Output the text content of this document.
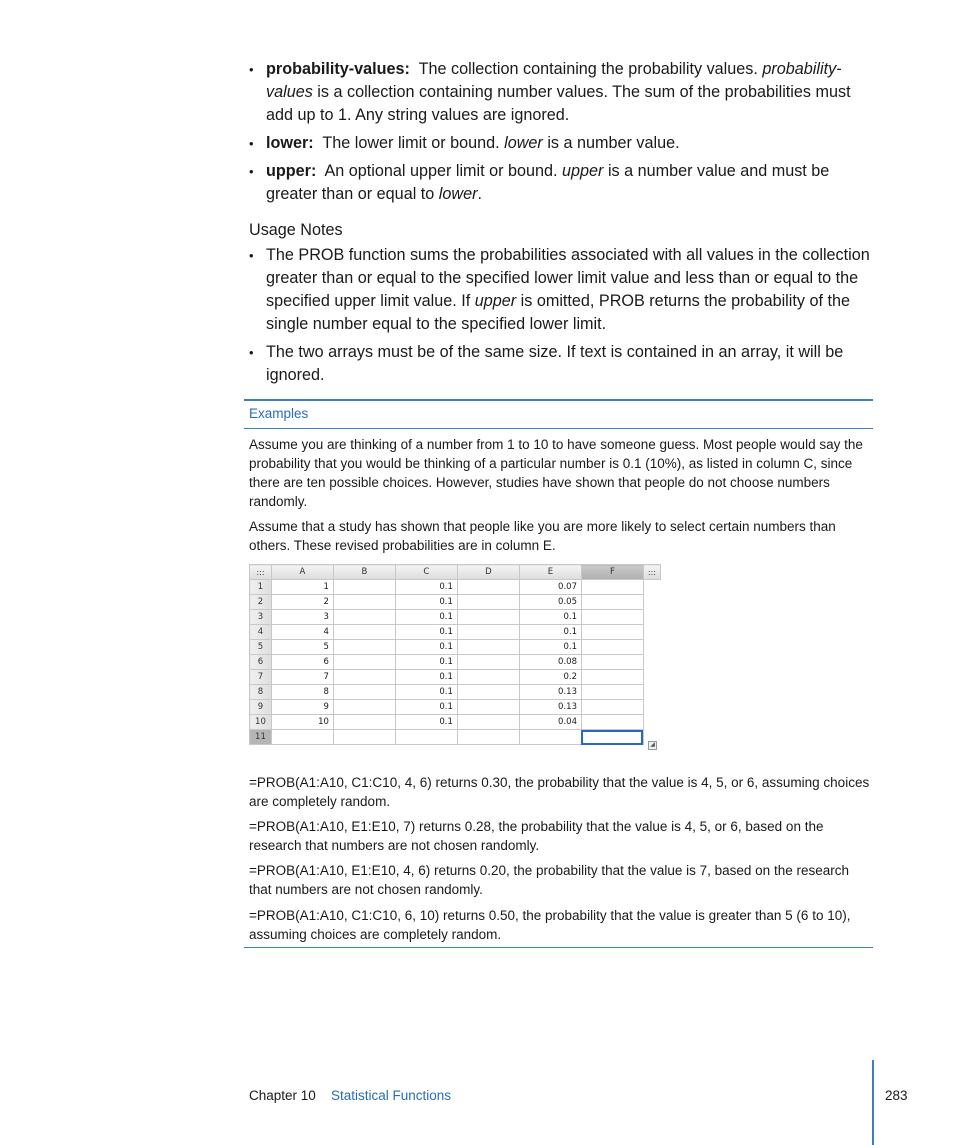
• probability-values: The collection containing the probability values. probability-values is a collection containing number values. The sum of the probabilities must add up to 1. Any string values are ignored.
• lower: The lower limit or bound. lower is a number value.
• upper: An optional upper limit or bound. upper is a number value and must be greater than or equal to lower.
Usage Notes
• The PROB function sums the probabilities associated with all values in the collection greater than or equal to the specified lower limit value and less than or equal to the specified upper limit value. If upper is omitted, PROB returns the probability of the single number equal to the specified lower limit.
• The two arrays must be of the same size. If text is contained in an array, it will be ignored.
Examples

Assume you are thinking of a number from 1 to 10 to have someone guess. Most people would say the probability that you would be thinking of a particular number is 0.1 (10%), as listed in column C, since there are ten possible choices. However, studies have shown that people do not choose numbers randomly.

Assume that a study has shown that people like you are more likely to select certain numbers than others. These revised probabilities are in column E.

:::	A	B	C	D	E	F	:::
1	1		0.1		0.07		
2	2		0.1		0.05		
3	3		0.1		0.1		
4	4		0.1		0.1		
5	5		0.1		0.1		
6	6		0.1		0.08		
7	7		0.1		0.2		
8	8		0.1		0.13		
9	9		0.1		0.13		
10	10		0.1		0.04		
11							
◢

=PROB(A1:A10, C1:C10, 4, 6) returns 0.30, the probability that the value is 4, 5, or 6, assuming choices are completely random.

=PROB(A1:A10, E1:E10, 7) returns 0.28, the probability that the value is 4, 5, or 6, based on the research that numbers are not chosen randomly.

=PROB(A1:A10, E1:E10, 4, 6) returns 0.20, the probability that the value is 7, based on the research that numbers are not chosen randomly.

=PROB(A1:A10, C1:C10, 6, 10) returns 0.50, the probability that the value is greater than 5 (6 to 10), assuming choices are completely random.

Chapter 10 Statistical Functions	283
